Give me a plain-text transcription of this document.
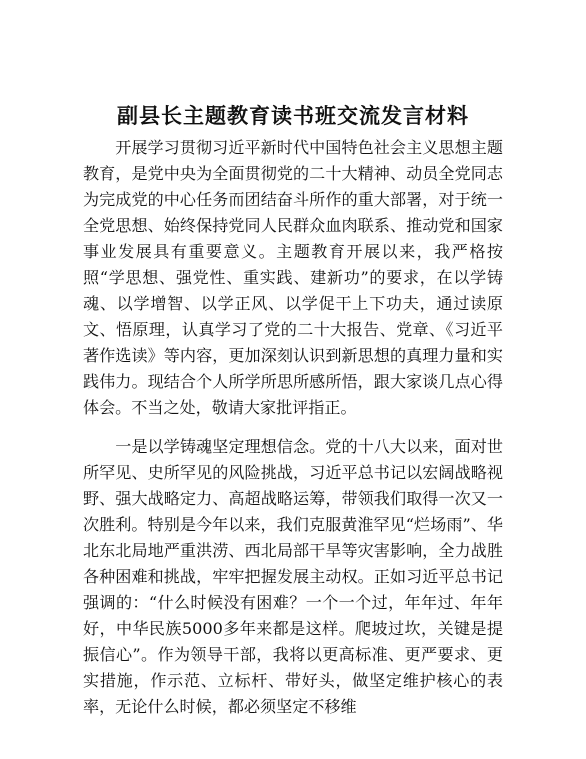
副县长主题教育读书班交流发言材料

开展学习贯彻习近平新时代中国特色社会主义思想主题教育，是党中央为全面贯彻党的二十大精神、动员全党同志为完成党的中心任务而团结奋斗所作的重大部署，对于统一全党思想、始终保持党同人民群众血肉联系、推动党和国家事业发展具有重要意义。主题教育开展以来，我严格按照“学思想、强党性、重实践、建新功”的要求，在以学铸魂、以学增智、以学正风、以学促干上下功夫，通过读原文、悟原理，认真学习了党的二十大报告、党章、《习近平著作选读》等内容，更加深刻认识到新思想的真理力量和实践伟力。现结合个人所学所思所感所悟，跟大家谈几点心得体会。不当之处，敬请大家批评指正。

一是以学铸魂坚定理想信念。党的十八大以来，面对世所罕见、史所罕见的风险挑战，习近平总书记以宏阔战略视野、强大战略定力、高超战略运筹，带领我们取得一次又一次胜利。特别是今年以来，我们克服黄淮罕见“烂场雨”、华北东北局地严重洪涝、西北局部干旱等灾害影响，全力战胜各种困难和挑战，牢牢把握发展主动权。正如习近平总书记强调的：“什么时候没有困难？一个一个过，年年过、年年好，中华民族5000多年来都是这样。爬坡过坎，关键是提振信心”。作为领导干部，我将以更高标准、更严要求、更实措施，作示范、立标杆、带好头，做坚定维护核心的表率，无论什么时候，都必须坚定不移维
